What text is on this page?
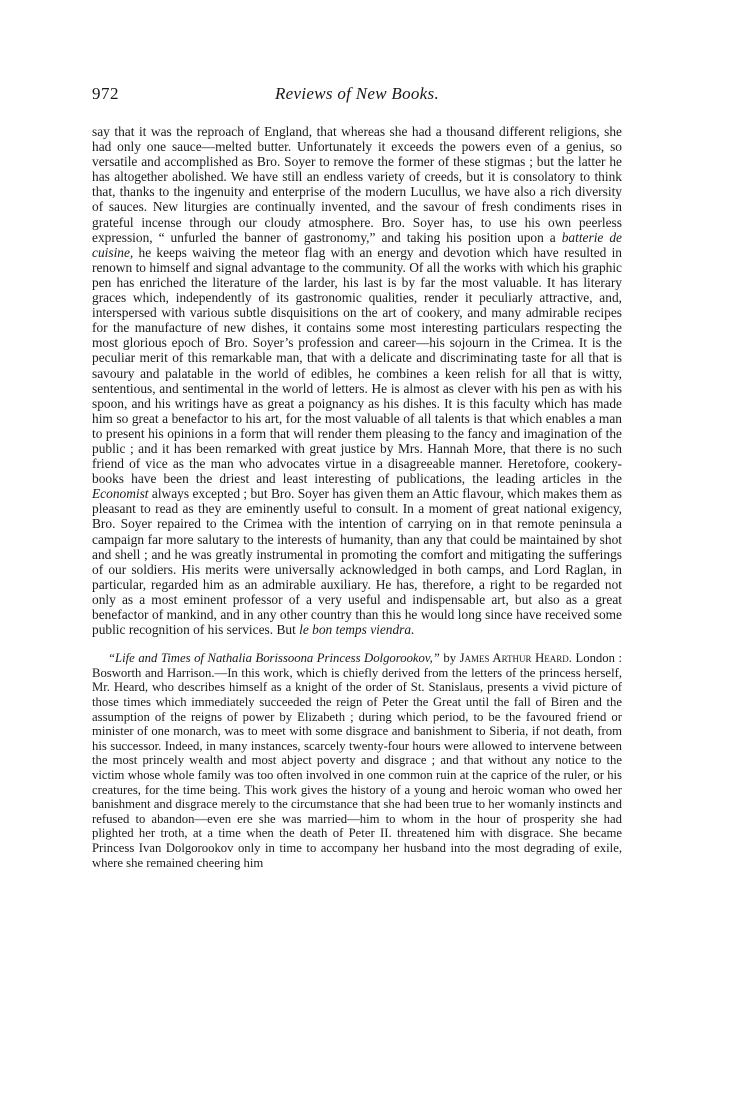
972	Reviews of New Books.

say that it was the reproach of England, that whereas she had a thousand different religions, she had only one sauce—melted butter. Unfortunately it exceeds the powers even of a genius, so versatile and accomplished as Bro. Soyer to remove the former of these stigmas ; but the latter he has altogether abolished. We have still an endless variety of creeds, but it is consolatory to think that, thanks to the ingenuity and enterprise of the modern Lucullus, we have also a rich diversity of sauces. New liturgies are continually invented, and the savour of fresh condiments rises in grateful incense through our cloudy atmosphere. Bro. Soyer has, to use his own peerless expression, “ unfurled the banner of gastronomy,” and taking his position upon a batterie de cuisine, he keeps waiving the meteor flag with an energy and devotion which have resulted in renown to himself and signal advantage to the community. Of all the works with which his graphic pen has enriched the literature of the larder, his last is by far the most valuable. It has literary graces which, independently of its gastronomic qualities, render it peculiarly attractive, and, interspersed with various subtle disquisitions on the art of cookery, and many admirable recipes for the manufacture of new dishes, it contains some most interesting particulars respecting the most glorious epoch of Bro. Soyer’s profession and career—his sojourn in the Crimea. It is the peculiar merit of this remarkable man, that with a delicate and discriminating taste for all that is savoury and palatable in the world of edibles, he combines a keen relish for all that is witty, sententious, and sentimental in the world of letters. He is almost as clever with his pen as with his spoon, and his writings have as great a poignancy as his dishes. It is this faculty which has made him so great a benefactor to his art, for the most valuable of all talents is that which enables a man to present his opinions in a form that will render them pleasing to the fancy and imagination of the public ; and it has been remarked with great justice by Mrs. Hannah More, that there is no such friend of vice as the man who advocates virtue in a disagreeable manner. Heretofore, cookery-books have been the driest and least interesting of publications, the leading articles in the Economist always excepted ; but Bro. Soyer has given them an Attic flavour, which makes them as pleasant to read as they are eminently useful to consult. In a moment of great national exigency, Bro. Soyer repaired to the Crimea with the intention of carrying on in that remote peninsula a campaign far more salutary to the interests of humanity, than any that could be maintained by shot and shell ; and he was greatly instrumental in promoting the comfort and mitigating the sufferings of our soldiers. His merits were universally acknowledged in both camps, and Lord Raglan, in particular, regarded him as an admirable auxiliary. He has, therefore, a right to be regarded not only as a most eminent professor of a very useful and indispensable art, but also as a great benefactor of mankind, and in any other country than this he would long since have received some public recognition of his services. But le bon temps viendra.

“Life and Times of Nathalia Borissoona Princess Dolgorookov,” by James Arthur Heard. London : Bosworth and Harrison.—In this work, which is chiefly derived from the letters of the princess herself, Mr. Heard, who describes himself as a knight of the order of St. Stanislaus, presents a vivid picture of those times which immediately succeeded the reign of Peter the Great until the fall of Biren and the assumption of the reigns of power by Elizabeth ; during which period, to be the favoured friend or minister of one monarch, was to meet with some disgrace and banishment to Siberia, if not death, from his successor. Indeed, in many instances, scarcely twenty-four hours were allowed to intervene between the most princely wealth and most abject poverty and disgrace ; and that without any notice to the victim whose whole family was too often involved in one common ruin at the caprice of the ruler, or his creatures, for the time being. This work gives the history of a young and heroic woman who owed her banishment and disgrace merely to the circumstance that she had been true to her womanly instincts and refused to abandon—even ere she was married—him to whom in the hour of prosperity she had plighted her troth, at a time when the death of Peter II. threatened him with disgrace. She became Princess Ivan Dolgorookov only in time to accompany her husband into the most degrading of exile, where she remained cheering him
